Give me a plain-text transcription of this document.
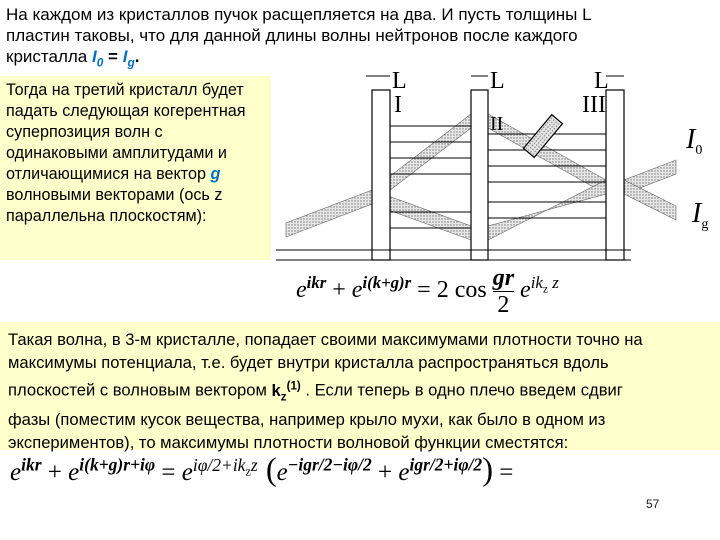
На каждом из кристаллов пучок расщепляется на два. И пусть толщины L
пластин таковы, что для данной длины волны нейтронов после каждого
кристалла $I_0 = I_g$.
Тогда на третий кристалл будет
падать следующая когерентная
суперпозиция волн с
одинаковыми амплитудами и
отличающимися на вектор g
волновыми векторами (ось z
параллельна плоскостям):
L	L	L
I
II
III
$I_0$
$I_g$
$e^{ikr} + e^{i(k+g)r} = 2$ $\cos \frac{gr}{2} e^{ik_z z}$
Такая волна, в 3-м кристалле, попадает своими максимумами плотности точно на
максимумы потенциала, т.е. будет внутри кристалла распространяться вдоль
плоскостей с волновым вектором $k_z^{(1)}$ . Если теперь в одно плечо введем сдвиг
фазы (поместим кусок вещества, например крыло мухи, как было в одном из
экспериментов), то максимумы плотности волновой функции сместятся:
$e^{ikr} + e^{i(k+g)r+i\varphi} = e^{i\varphi/2+ik_zz}$ $(e^{-igr/2-i\varphi/2} + e^{igr/2+i\varphi/2})$ =
57
